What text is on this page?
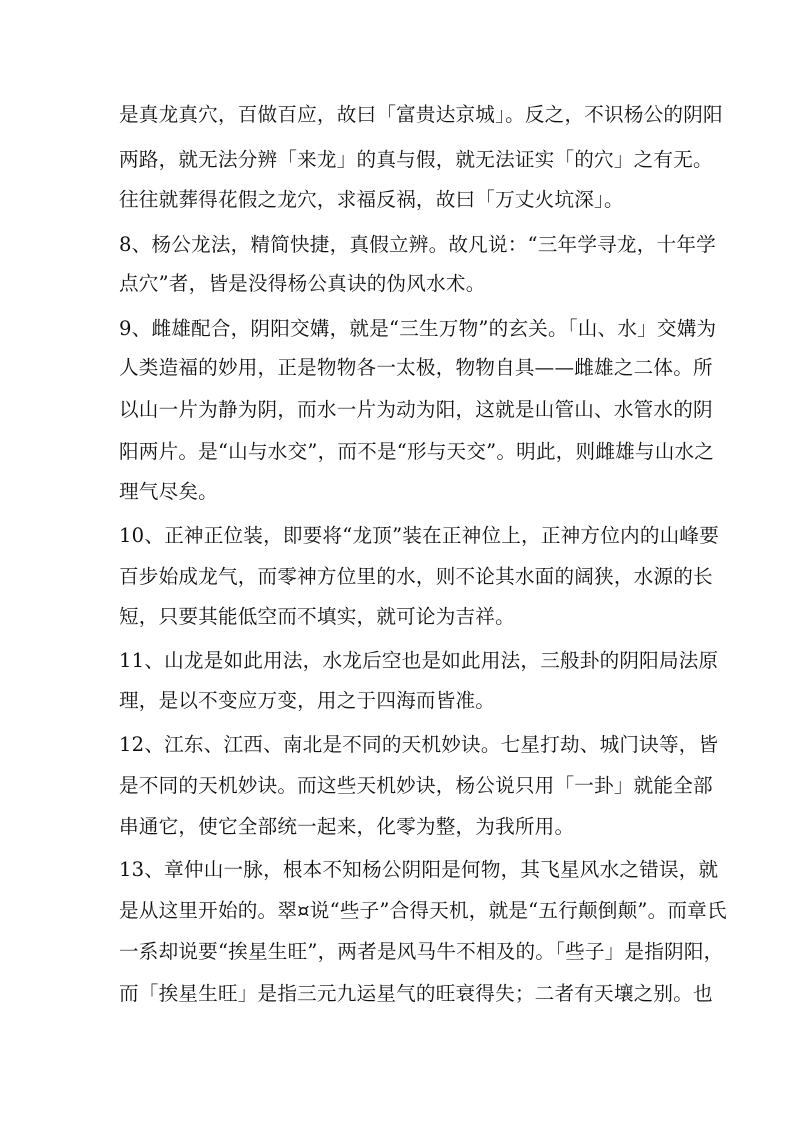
是真龙真穴，百做百应，故曰「富贵达京城」。反之，不识杨公的阴阳
两路，就无法分辨「来龙」的真与假，就无法证实「的穴」之有无。
往往就葬得花假之龙穴，求福反祸，故曰「万丈火坑深」。
8、杨公龙法，精简快捷，真假立辨。故凡说：“三年学寻龙，十年学
点穴”者，皆是没得杨公真诀的伪风水术。
9、雌雄配合，阴阳交媾，就是“三生万物”的玄关。「山、水」交媾为
人类造福的妙用，正是物物各一太极，物物自具——雌雄之二体。所
以山一片为静为阴，而水一片为动为阳，这就是山管山、水管水的阴
阳两片。是“山与水交”，而不是“形与天交”。明此，则雌雄与山水之
理气尽矣。
10、正神正位装，即要将“龙顶”装在正神位上，正神方位内的山峰要
百步始成龙气，而零神方位里的水，则不论其水面的阔狭，水源的长
短，只要其能低空而不填实，就可论为吉祥。
11、山龙是如此用法，水龙后空也是如此用法，三般卦的阴阳局法原
理，是以不变应万变，用之于四海而皆准。
12、江东、江西、南北是不同的天机妙诀。七星打劫、城门诀等，皆
是不同的天机妙诀。而这些天机妙诀，杨公说只用「一卦」就能全部
串通它，使它全部统一起来，化零为整，为我所用。
13、章仲山一脉，根本不知杨公阴阳是何物，其飞星风水之错误，就
是从这里开始的。翠¤说“些子”合得天机，就是“五行颠倒颠”。而章氏
一系却说要“挨星生旺”，两者是风马牛不相及的。「些子」是指阴阳，
而「挨星生旺」是指三元九运星气的旺衰得失；二者有天壤之别。也
